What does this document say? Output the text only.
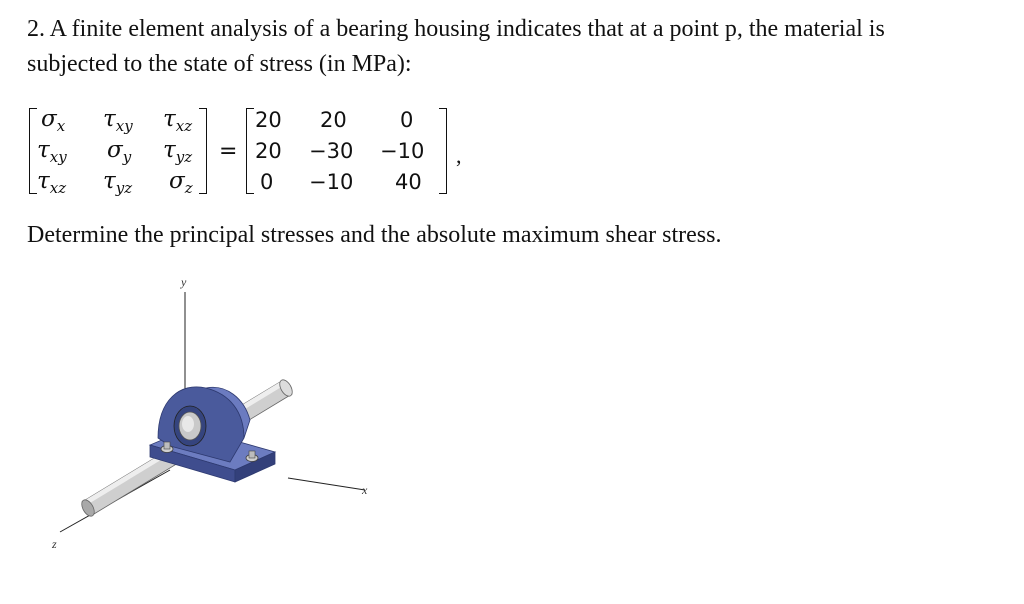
2. A finite element analysis of a bearing housing indicates that at a point p, the material is
subjected to the state of stress (in MPa):
$\sigma_x$ $\tau_{xy}$ $\tau_{xz}$
$\tau_{xy}$ $\sigma_y$ $\tau_{yz}$
$\tau_{xz}$ $\tau_{yz}$ $\sigma_z$
=
20 20	0
20 −30 −10
0 −10 40
,

Determine the principal stresses and the absolute maximum shear stress.

y
x
z
